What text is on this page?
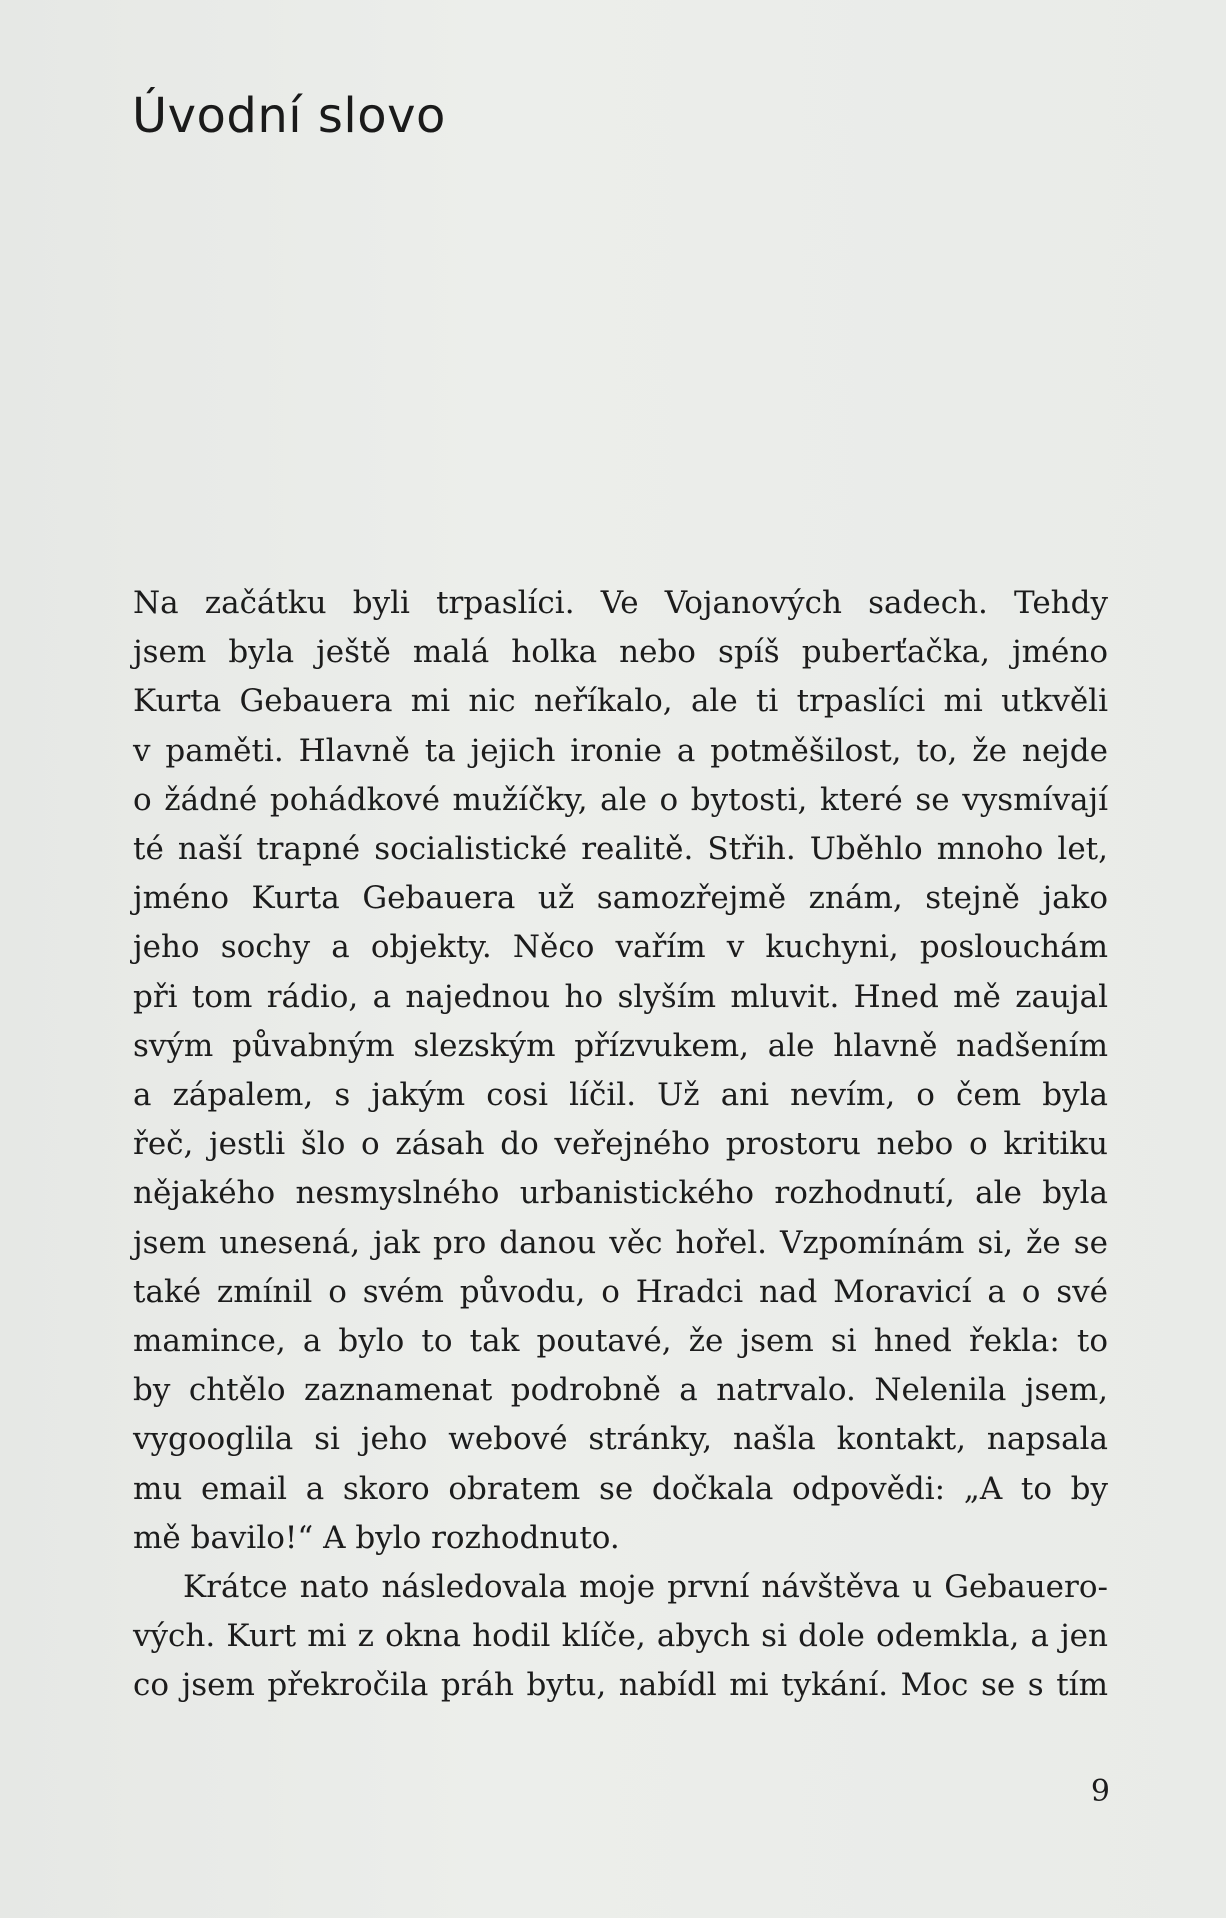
Úvodní slovo

Na začátku byli trpaslíci. Ve Vojanových sadech. Tehdy
jsem byla ještě malá holka nebo spíš puberťačka, jméno
Kurta Gebauera mi nic neříkalo, ale ti trpaslíci mi utkvěli
v paměti. Hlavně ta jejich ironie a potměšilost, to, že nejde
o žádné pohádkové mužíčky, ale o bytosti, které se vysmívají
té naší trapné socialistické realitě. Střih. Uběhlo mnoho let,
jméno Kurta Gebauera už samozřejmě znám, stejně jako
jeho sochy a objekty. Něco vařím v kuchyni, poslouchám
při tom rádio, a najednou ho slyším mluvit. Hned mě zaujal
svým půvabným slezským přízvukem, ale hlavně nadšením
a zápalem, s jakým cosi líčil. Už ani nevím, o čem byla
řeč, jestli šlo o zásah do veřejného prostoru nebo o kritiku
nějakého nesmyslného urbanistického rozhodnutí, ale byla
jsem unesená, jak pro danou věc hořel. Vzpomínám si, že se
také zmínil o svém původu, o Hradci nad Moravicí a o své
mamince, a bylo to tak poutavé, že jsem si hned řekla: to
by chtělo zaznamenat podrobně a natrvalo. Nelenila jsem,
vygooglila si jeho webové stránky, našla kontakt, napsala
mu email a skoro obratem se dočkala odpovědi: „A to by
mě bavilo!“ A bylo rozhodnuto.

Krátce nato následovala moje první návštěva u Gebauero-
vých. Kurt mi z okna hodil klíče, abych si dole odemkla, a jen
co jsem překročila práh bytu, nabídl mi tykání. Moc se s tím

9
